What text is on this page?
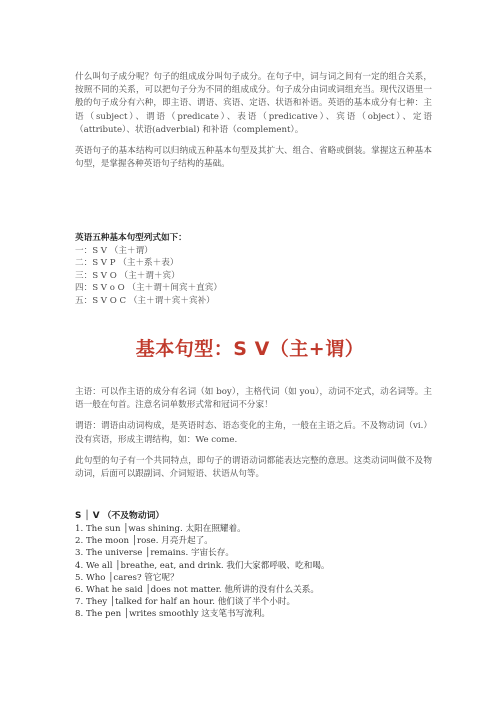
什么叫句子成分呢？句子的组成成分叫句子成分。在句子中，词与词之间有一定的组合关系，按照不同的关系，可以把句子分为不同的组成成分。句子成分由词或词组充当。现代汉语里一般的句子成分有六种，即主语、谓语、宾语、定语、状语和补语。英语的基本成分有七种：主语（subject）、谓语（predicate）、表语（predicative）、宾语（object）、定语（attribute）、状语(adverbial) 和补语（complement）。

英语句子的基本结构可以归纳成五种基本句型及其扩大、组合、省略或倒装。掌握这五种基本句型，是掌握各种英语句子结构的基础。

英语五种基本句型列式如下：
一：S V （主＋谓）
二：S V P （主＋系＋表）
三：S V O （主＋谓＋宾）
四：S V o O （主＋谓＋间宾＋直宾）
五：S V O C （主＋谓＋宾＋宾补）
基本句型：S V（主+谓）

主语：可以作主语的成分有名词（如 boy），主格代词（如 you），动词不定式，动名词等。主语一般在句首。注意名词单数形式常和冠词不分家！

谓语：谓语由动词构成，是英语时态、语态变化的主角，一般在主语之后。不及物动词（vi.）没有宾语，形成主谓结构，如：We come.

此句型的句子有一个共同特点，即句子的谓语动词都能表达完整的意思。这类动词叫做不及物动词，后面可以跟副词、介词短语、状语从句等。

S │ V （不及物动词）
1. The sun │was shining. 太阳在照耀着。
2. The moon │rose. 月亮升起了。
3. The universe │remains. 宇宙长存。
4. We all │breathe, eat, and drink. 我们大家都呼吸、吃和喝。
5. Who │cares? 管它呢？
6. What he said │does not matter. 他所讲的没有什么关系。
7. They │talked for half an hour. 他们谈了半个小时。
8. The pen │writes smoothly 这支笔书写流利。
